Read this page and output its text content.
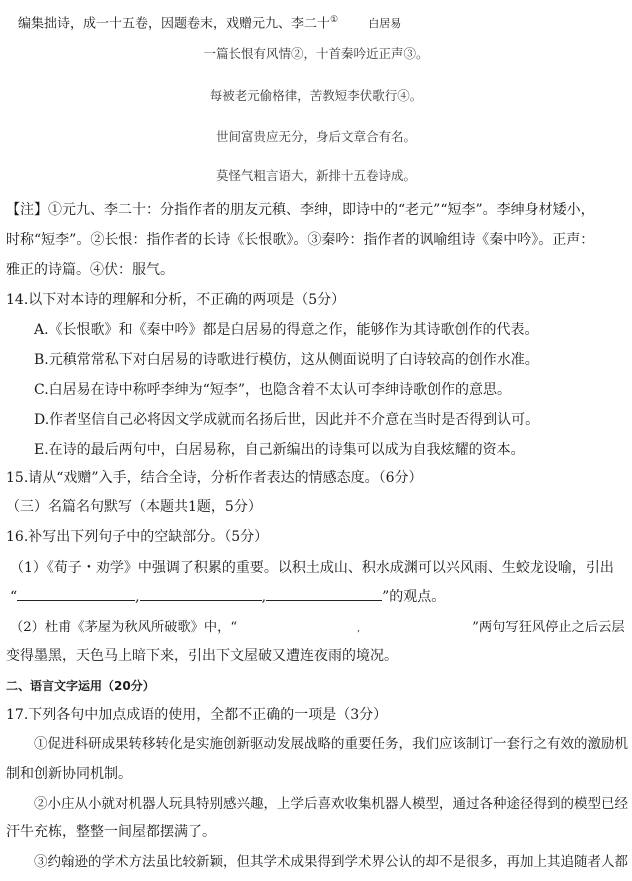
编集拙诗，成一十五卷，因题卷末，戏赠元九、李二十①	白居易
一篇长恨有风情②，十首秦吟近正声③。
每被老元偷格律，苦教短李伏歌行④。
世间富贵应无分，身后文章合有名。
莫怪气粗言语大，新排十五卷诗成。
【注】①元九、李二十：分指作者的朋友元稹、李绅，即诗中的“老元”“短李”。李绅身材矮小，
时称“短李”。②长恨：指作者的长诗《长恨歌》。③秦吟：指作者的讽喻组诗《秦中吟》。正声：
雅正的诗篇。④伏：服气。
14.以下对本诗的理解和分析，不正确的两项是（5分）
A.《长恨歌》和《秦中吟》都是白居易的得意之作，能够作为其诗歌创作的代表。
B.元稹常常私下对白居易的诗歌进行模仿，这从侧面说明了白诗较高的创作水准。
C.白居易在诗中称呼李绅为“短李”，也隐含着不太认可李绅诗歌创作的意思。
D.作者坚信自己必将因文学成就而名扬后世，因此并不介意在当时是否得到认可。
E.在诗的最后两句中，白居易称，自己新编出的诗集可以成为自我炫耀的资本。
15.请从“戏赠”入手，结合全诗，分析作者表达的情感态度。（6分）
（三）名篇名句默写（本题共1题，5分）
16.补写出下列句子中的空缺部分。（5分）
（1）《荀子・劝学》中强调了积累的重要。以积土成山、积水成渊可以兴风雨、生蛟龙设喻，引出
“	,	,	”的观点。
（2）杜甫《茅屋为秋风所破歌》中，“	,	”两句写狂风停止之后云层
变得墨黑，天色马上暗下来，引出下文屋破又遭连夜雨的境况。
二、语言文字运用（20分）
17.下列各句中加点成语的使用，全都不正确的一项是（3分）
①促进科研成果转移转化是实施创新驱动发展战略的重要任务，我们应该制订一套行之有效的激励机
制和创新协同机制。
②小庄从小就对机器人玩具特别感兴趣，上学后喜欢收集机器人模型，通过各种途径得到的模型已经
汗牛充栋，整整一间屋都摆满了。
③约翰逊的学术方法虽比较新颖，但其学术成果得到学术界公认的却不是很多，再加上其追随者人都
